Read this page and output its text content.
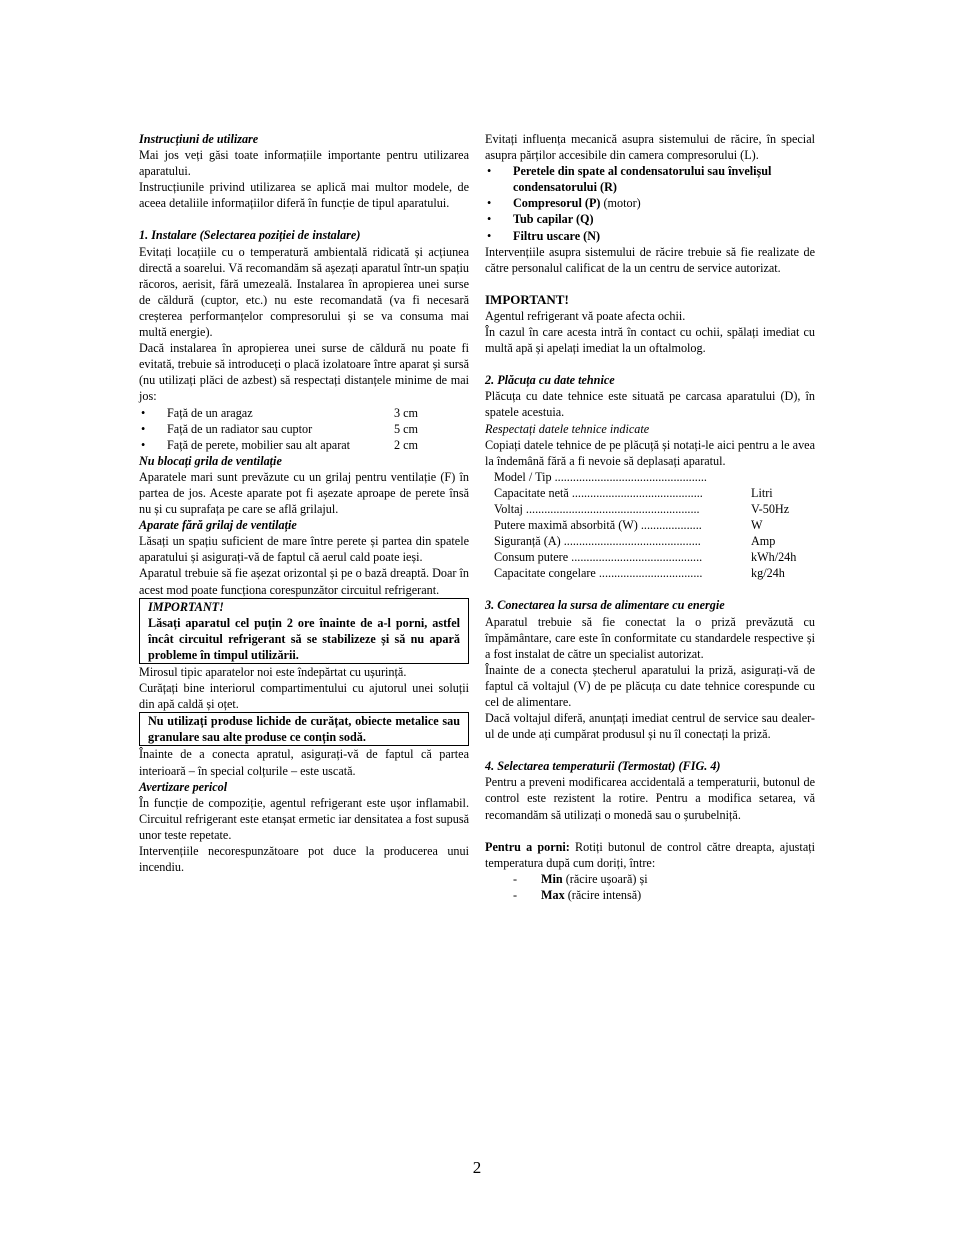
Instrucțiuni de utilizare

Mai jos veți găsi toate informațiile importante pentru utilizarea aparatului.

Instrucțiunile privind utilizarea se aplică mai multor modele, de aceea detaliile informațiilor diferă în funcție de tipul aparatului.

1. Instalare (Selectarea poziției de instalare)

Evitați locațiile cu o temperatură ambientală ridicată și acțiunea directă a soarelui. Vă recomandăm să așezați aparatul într-un spațiu răcoros, aerisit, fără umezeală. Instalarea în apropierea unei surse de căldură (cuptor, etc.) nu este recomandată (va fi necesară creșterea performanțelor compresorului și se va consuma mai multă energie).

Dacă instalarea în apropierea unei surse de căldură nu poate fi evitată, trebuie să introduceți o placă izolatoare între aparat și sursă (nu utilizați plăci de azbest) să respectați distanțele minime de mai jos:

• Față de un aragaz	3 cm
• Față de un radiator sau cuptor	5 cm
• Față de perete, mobilier sau alt aparat	2 cm

Nu blocați grila de ventilație

Aparatele mari sunt prevăzute cu un grilaj pentru ventilație (F) în partea de jos. Aceste aparate pot fi așezate aproape de perete însă nu și cu suprafața pe care se află grilajul.

Aparate fără grilaj de ventilație

Lăsați un spațiu suficient de mare între perete și partea din spatele aparatului și asigurați-vă de faptul că aerul cald poate ieși.

Aparatul trebuie să fie așezat orizontal și pe o bază dreaptă. Doar în acest mod poate funcționa corespunzător circuitul refrigerant.

IMPORTANT!

Lăsați aparatul cel puțin 2 ore înainte de a-l porni, astfel încât circuitul refrigerant să se stabilizeze și să nu apară probleme în timpul utilizării.

Mirosul tipic aparatelor noi este îndepărtat cu ușurință.

Curățați bine interiorul compartimentului cu ajutorul unei soluții din apă caldă și oțet.

Nu utilizați produse lichide de curățat, obiecte metalice sau granulare sau alte produse ce conțin sodă.

Înainte de a conecta apratul, asigurați-vă de faptul că partea interioară – în special colțurile – este uscată.

Avertizare pericol

În funcție de compoziție, agentul refrigerant este ușor inflamabil. Circuitul refrigerant este etanșat ermetic iar densitatea a fost supusă unor teste repetate.

Intervențiile necorespunzătoare pot duce la producerea unui incendiu.

Evitați influența mecanică asupra sistemului de răcire, în special asupra părților accesibile din camera compresorului (L).

• Peretele din spate al condensatorului sau învelișul condensatorului (R)
• Compresorul (P) (motor)
• Tub capilar (Q)
• Filtru uscare (N)

Intervențiile asupra sistemului de răcire trebuie să fie realizate de către personalul calificat de la un centru de service autorizat.

IMPORTANT!

Agentul refrigerant vă poate afecta ochii.

În cazul în care acesta intră în contact cu ochii, spălați imediat cu multă apă și apelați imediat la un oftalmolog.

2. Plăcuța cu date tehnice

Plăcuța cu date tehnice este situată pe carcasa aparatului (D), în spatele acestuia.

Respectați datele tehnice indicate

Copiați datele tehnice de pe plăcuță și notați-le aici pentru a le avea la îndemână fără a fi nevoie să deplasați aparatul.

Model / Tip ..................................................
Capacitate netă ...........................................	Litri
Voltaj .........................................................	V-50Hz
Putere maximă absorbită (W) ....................	W
Siguranță (A) .............................................	Amp
Consum putere ...........................................	kWh/24h
Capacitate congelare ..................................	kg/24h

3. Conectarea la sursa de alimentare cu energie

Aparatul trebuie să fie conectat la o priză prevăzută cu împământare, care este în conformitate cu standardele respective și a fost instalat de către un specialist autorizat.

Înainte de a conecta ștecherul aparatului la priză, asigurați-vă de faptul că voltajul (V) de pe plăcuța cu date tehnice corespunde cu cel de alimentare.

Dacă voltajul diferă, anunțați imediat centrul de service sau dealer-ul de unde ați cumpărat produsul și nu îl conectați la priză.

4. Selectarea temperaturii (Termostat) (FIG. 4)

Pentru a preveni modificarea accidentală a temperaturii, butonul de control este rezistent la rotire. Pentru a modifica setarea, vă recomandăm să utilizați o monedă sau o șurubelniță.

Pentru a porni: Rotiți butonul de control către dreapta, ajustați temperatura după cum doriți, între:

- Min (răcire ușoară) și
- Max (răcire intensă)
2
